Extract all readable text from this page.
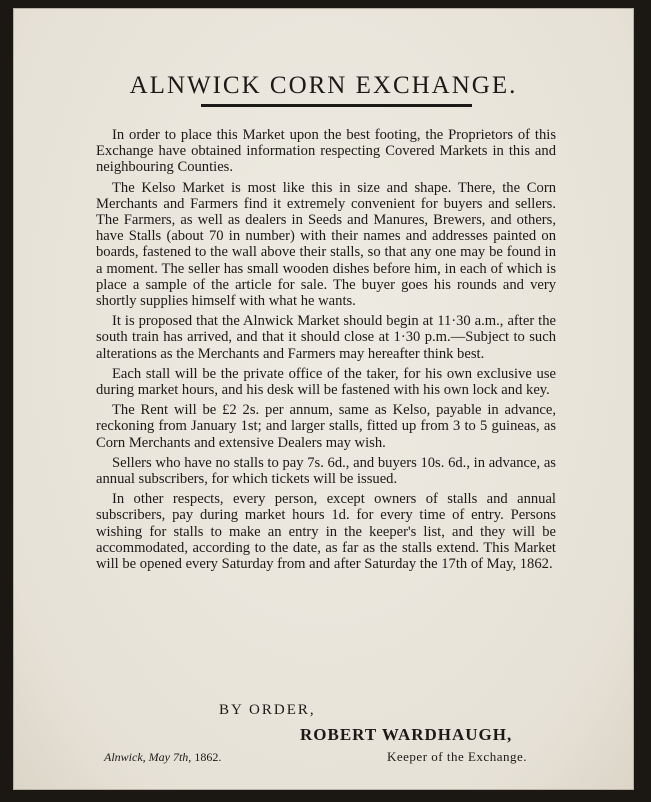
ALNWICK CORN EXCHANGE.

In order to place this Market upon the best footing, the Proprietors of this Exchange have obtained information respecting Covered Markets in this and neighbouring Counties.

The Kelso Market is most like this in size and shape. There, the Corn Merchants and Farmers find it extremely convenient for buyers and sellers. The Farmers, as well as dealers in Seeds and Manures, Brewers, and others, have Stalls (about 70 in number) with their names and addresses painted on boards, fastened to the wall above their stalls, so that any one may be found in a moment. The seller has small wooden dishes before him, in each of which is place a sample of the article for sale. The buyer goes his rounds and very shortly supplies himself with what he wants.

It is proposed that the Alnwick Market should begin at 11·30 a.m., after the south train has arrived, and that it should close at 1·30 p.m.—Subject to such alterations as the Merchants and Farmers may hereafter think best.

Each stall will be the private office of the taker, for his own exclusive use during market hours, and his desk will be fastened with his own lock and key.

The Rent will be £2 2s. per annum, same as Kelso, payable in advance, reckoning from January 1st; and larger stalls, fitted up from 3 to 5 guineas, as Corn Merchants and extensive Dealers may wish.

Sellers who have no stalls to pay 7s. 6d., and buyers 10s. 6d., in advance, as annual subscribers, for which tickets will be issued.

In other respects, every person, except owners of stalls and annual subscribers, pay during market hours 1d. for every time of entry. Persons wishing for stalls to make an entry in the keeper's list, and they will be accommodated, according to the date, as far as the stalls extend. This Market will be opened every Saturday from and after Saturday the 17th of May, 1862.

BY ORDER,
ROBERT WARDHAUGH,
Alnwick, May 7th, 1862.	Keeper of the Exchange.
